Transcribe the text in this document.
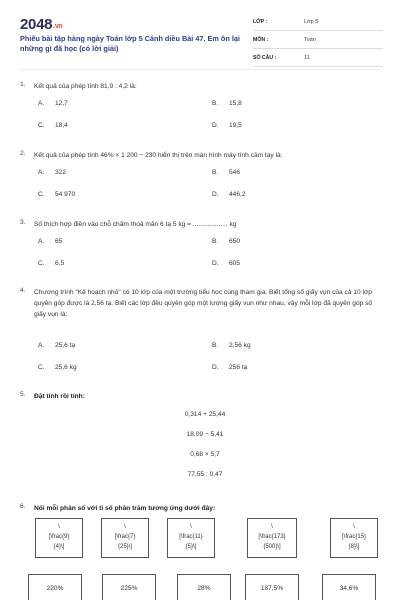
2048.vn
Phiếu bài tập hàng ngày Toán lớp 5 Cánh diều Bài 47. Em ôn lại những gì đã học (có lời giải)
LỚP :	Lớp 5
MÔN :	Toán
SỐ CÂU :	11
1. Kết quả của phép tính 81,9 : 4,2 là:
A. 12,7	B. 15,8
C. 18,4	D. 19,5
2. Kết quả của phép tính 46% × 1 200 − 230 hiển thị trên màn hình máy tính cầm tay là:
A. 322	B. 546
C. 54 970	D. 446,2
3. Số thích hợp điền vào chỗ chấm thoả mãn 6 tạ 5 kg = ................... kg
A. 65	B. 650
C. 6,5	D. 605
4. Chương trình "Kế hoạch nhỏ" có 10 lớp của một trường tiểu học cùng tham gia. Biết tổng số giấy vụn của cả 10 lớp quyên góp được là 2,56 tạ. Biết các lớp đều quyên góp một lượng giấy vụn như nhau, vậy mỗi lớp đã quyên góp số giấy vụn là:
A. 25,6 tạ	B. 2,56 kg
C. 25,6 kg	D. 256 tạ
5. Đặt tính rồi tính:
0,314 + 25,44
18,09 − 5,41
0,68 × 5,7
77,55 : 0,47
6. Nối mỗi phân số với tỉ số phần trăm tương ứng dưới đây:
\
[\frac{9}
{4}\]
\
[\frac{7}
{25}\]
\
[\frac{11}
{5}\]
\
[\frac{173}
{500}\]
\
[\frac{15}
{8}\]
220%	225%	28%	187,5%	34,6%
